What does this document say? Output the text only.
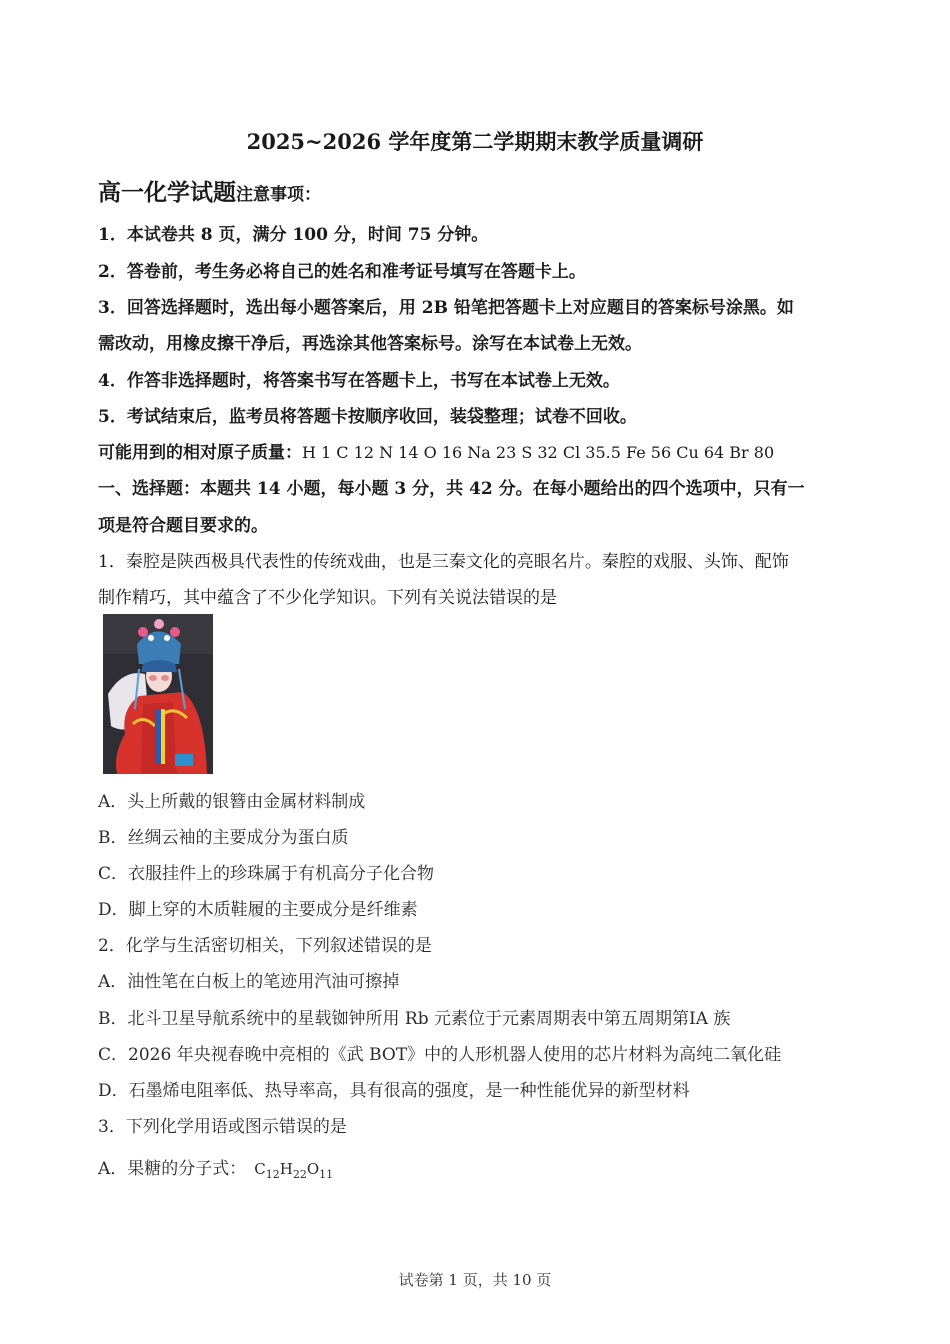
2025~2026 学年度第二学期期末教学质量调研
高一化学试题注意事项：
1．本试卷共 8 页，满分 100 分，时间 75 分钟。
2．答卷前，考生务必将自己的姓名和准考证号填写在答题卡上。
3．回答选择题时，选出每小题答案后，用 2B 铅笔把答题卡上对应题目的答案标号涂黑。如
需改动，用橡皮擦干净后，再选涂其他答案标号。涂写在本试卷上无效。
4．作答非选择题时，将答案书写在答题卡上，书写在本试卷上无效。
5．考试结束后，监考员将答题卡按顺序收回，装袋整理；试卷不回收。
可能用到的相对原子质量：H 1 C 12 N 14 O 16 Na 23 S 32 Cl 35.5 Fe 56 Cu 64 Br 80
一、选择题：本题共 14 小题，每小题 3 分，共 42 分。在每小题给出的四个选项中，只有一
项是符合题目要求的。
1．秦腔是陕西极具代表性的传统戏曲，也是三秦文化的亮眼名片。秦腔的戏服、头饰、配饰
制作精巧，其中蕴含了不少化学知识。下列有关说法错误的是
A．头上所戴的银簪由金属材料制成
B．丝绸云袖的主要成分为蛋白质
C．衣服挂件上的珍珠属于有机高分子化合物
D．脚上穿的木质鞋履的主要成分是纤维素
2．化学与生活密切相关，下列叙述错误的是
A．油性笔在白板上的笔迹用汽油可擦掉
B．北斗卫星导航系统中的星载铷钟所用 Rb 元素位于元素周期表中第五周期第ⅠA 族
C．2026 年央视春晚中亮相的《武 BOT》中的人形机器人使用的芯片材料为高纯二氧化硅
D．石墨烯电阻率低、热导率高，具有很高的强度，是一种性能优异的新型材料
3．下列化学用语或图示错误的是
A．果糖的分子式： $C_{12}H_{22}O_{11}$
试卷第 1 页，共 10 页
